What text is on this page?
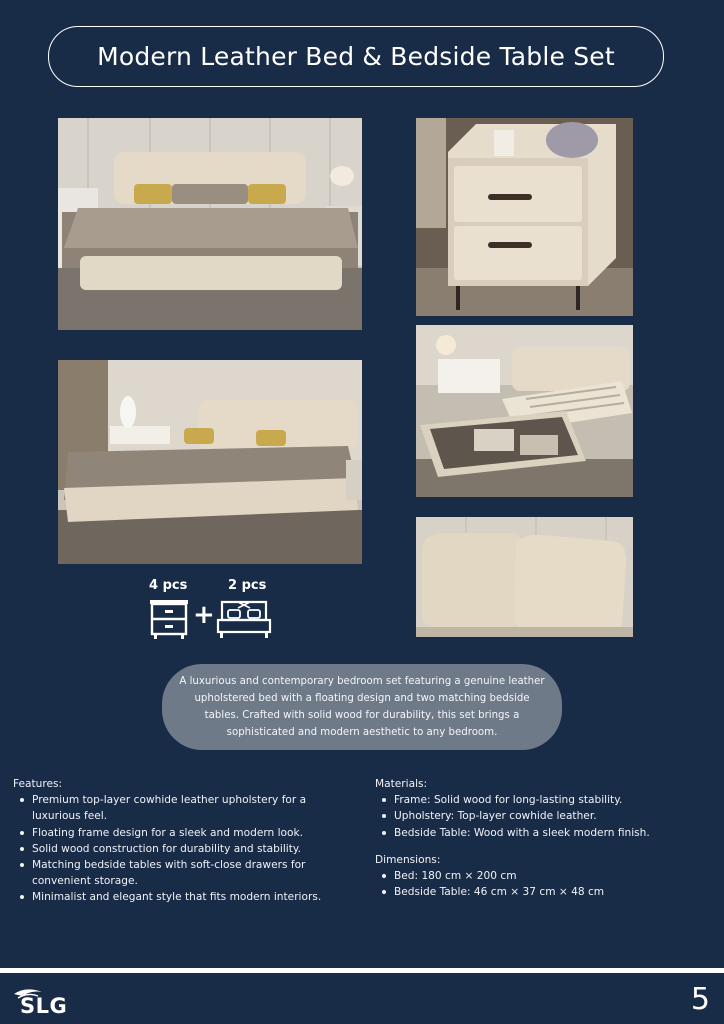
Modern Leather Bed & Bedside Table Set
4 pcs	2 pcs
+

A luxurious and contemporary bedroom set featuring a genuine leather upholstered bed with a floating design and two matching bedside tables. Crafted with solid wood for durability, this set brings a sophisticated and modern aesthetic to any bedroom.

Features:
Premium top-layer cowhide leather upholstery for a luxurious feel.
Floating frame design for a sleek and modern look.
Solid wood construction for durability and stability.
Matching bedside tables with soft-close drawers for convenient storage.
Minimalist and elegant style that fits modern interiors.
Materials:
Frame: Solid wood for long-lasting stability.
Upholstery: Top-layer cowhide leather.
Bedside Table: Wood with a sleek modern finish.
Dimensions:
Bed: 180 cm × 200 cm
Bedside Table: 46 cm × 37 cm × 48 cm
SLG	5
